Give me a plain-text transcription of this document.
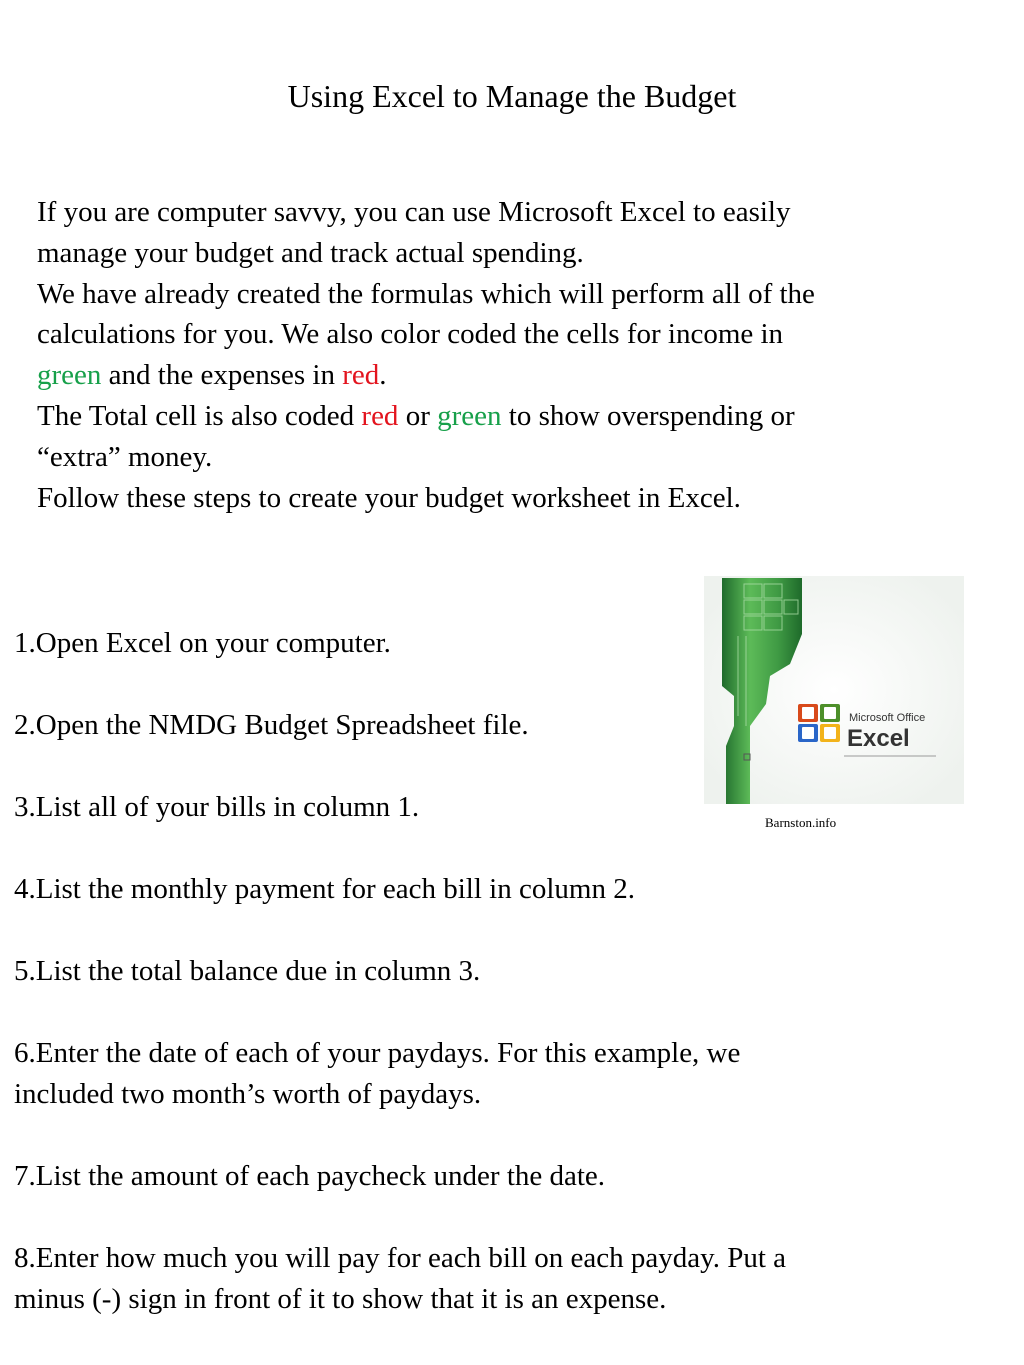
Using Excel to Manage the Budget

If you are computer savvy, you can use Microsoft Excel to easily

manage your budget and track actual spending.

We have already created the formulas which will perform all of the

calculations for you. We also color coded the cells for income in

green and the expenses in red.

The Total cell is also coded red or green to show overspending or

“extra” money.

Follow these steps to create your budget worksheet in Excel.

1.Open Excel on your computer.

2.Open the NMDG Budget Spreadsheet file.

3.List all of your bills in column 1.

4.List the monthly payment for each bill in column 2.

5.List the total balance due in column 3.

6.Enter the date of each of your paydays. For this example, we
included two month’s worth of paydays.

7.List the amount of each paycheck under the date.

8.Enter how much you will pay for each bill on each payday. Put a
minus (-) sign in front of it to show that it is an expense.

Microsoft Office
Excel
Barnston.info
